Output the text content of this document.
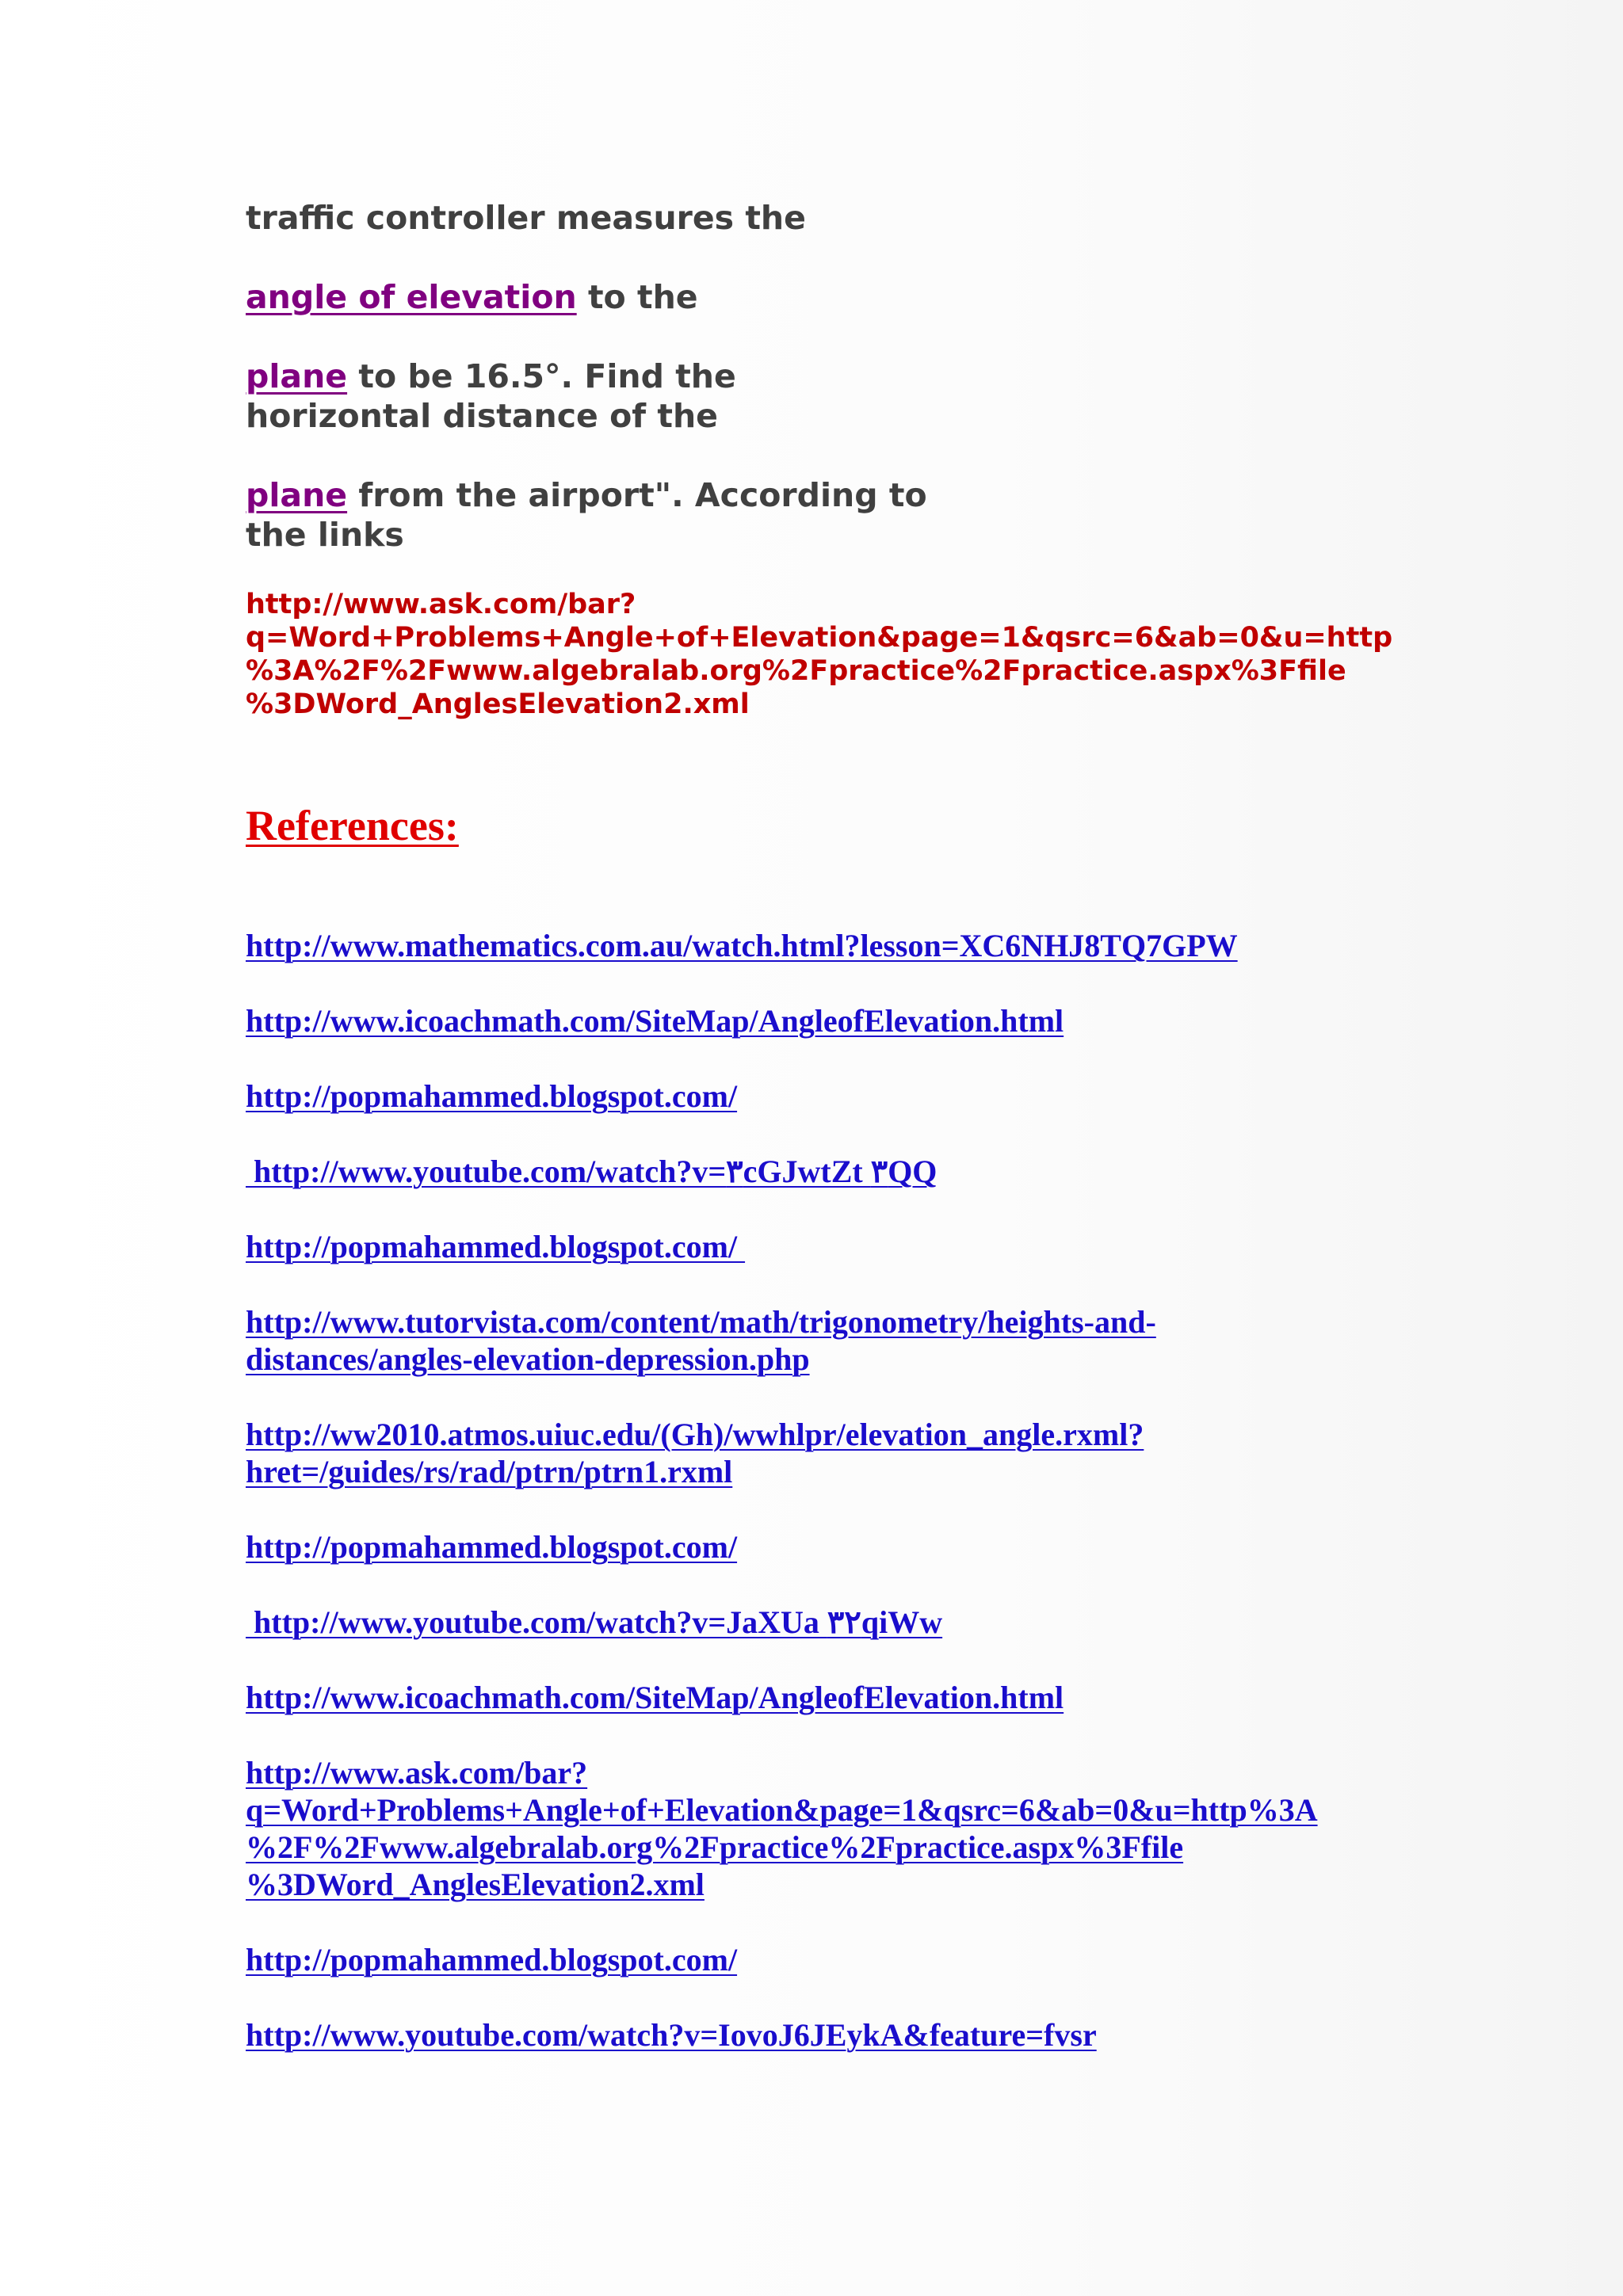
traffic controller measures the

angle of elevation to the

plane to be 16.5°. Find the

horizontal distance of the

plane from the airport". According to

the links

http://www.ask.com/bar?
q=Word+Problems+Angle+of+Elevation&page=1&qsrc=6&ab=0&u=http
%3A%2F%2Fwww.algebralab.org%2Fpractice%2Fpractice.aspx%3Ffile
%3DWord_AnglesElevation2.xml
References:
http://www.mathematics.com.au/watch.html?lesson=XC6NHJ8TQ7GPW
http://www.icoachmath.com/SiteMap/AngleofElevation.html
http://popmahammed.blogspot.com/
http://www.youtube.com/watch?v=٣cGJwtZt ٣QQ
http://popmahammed.blogspot.com/
http://www.tutorvista.com/content/math/trigonometry/heights-and-
distances/angles-elevation-depression.php
http://ww2010.atmos.uiuc.edu/(Gh)/wwhlpr/elevation_angle.rxml?
hret=/guides/rs/rad/ptrn/ptrn1.rxml
http://popmahammed.blogspot.com/
http://www.youtube.com/watch?v=JaXUa ٣٢qiWw
http://www.icoachmath.com/SiteMap/AngleofElevation.html
http://www.ask.com/bar?
q=Word+Problems+Angle+of+Elevation&page=1&qsrc=6&ab=0&u=http%3A
%2F%2Fwww.algebralab.org%2Fpractice%2Fpractice.aspx%3Ffile
%3DWord_AnglesElevation2.xml
http://popmahammed.blogspot.com/
http://www.youtube.com/watch?v=IovoJ6JEykA&feature=fvsr
